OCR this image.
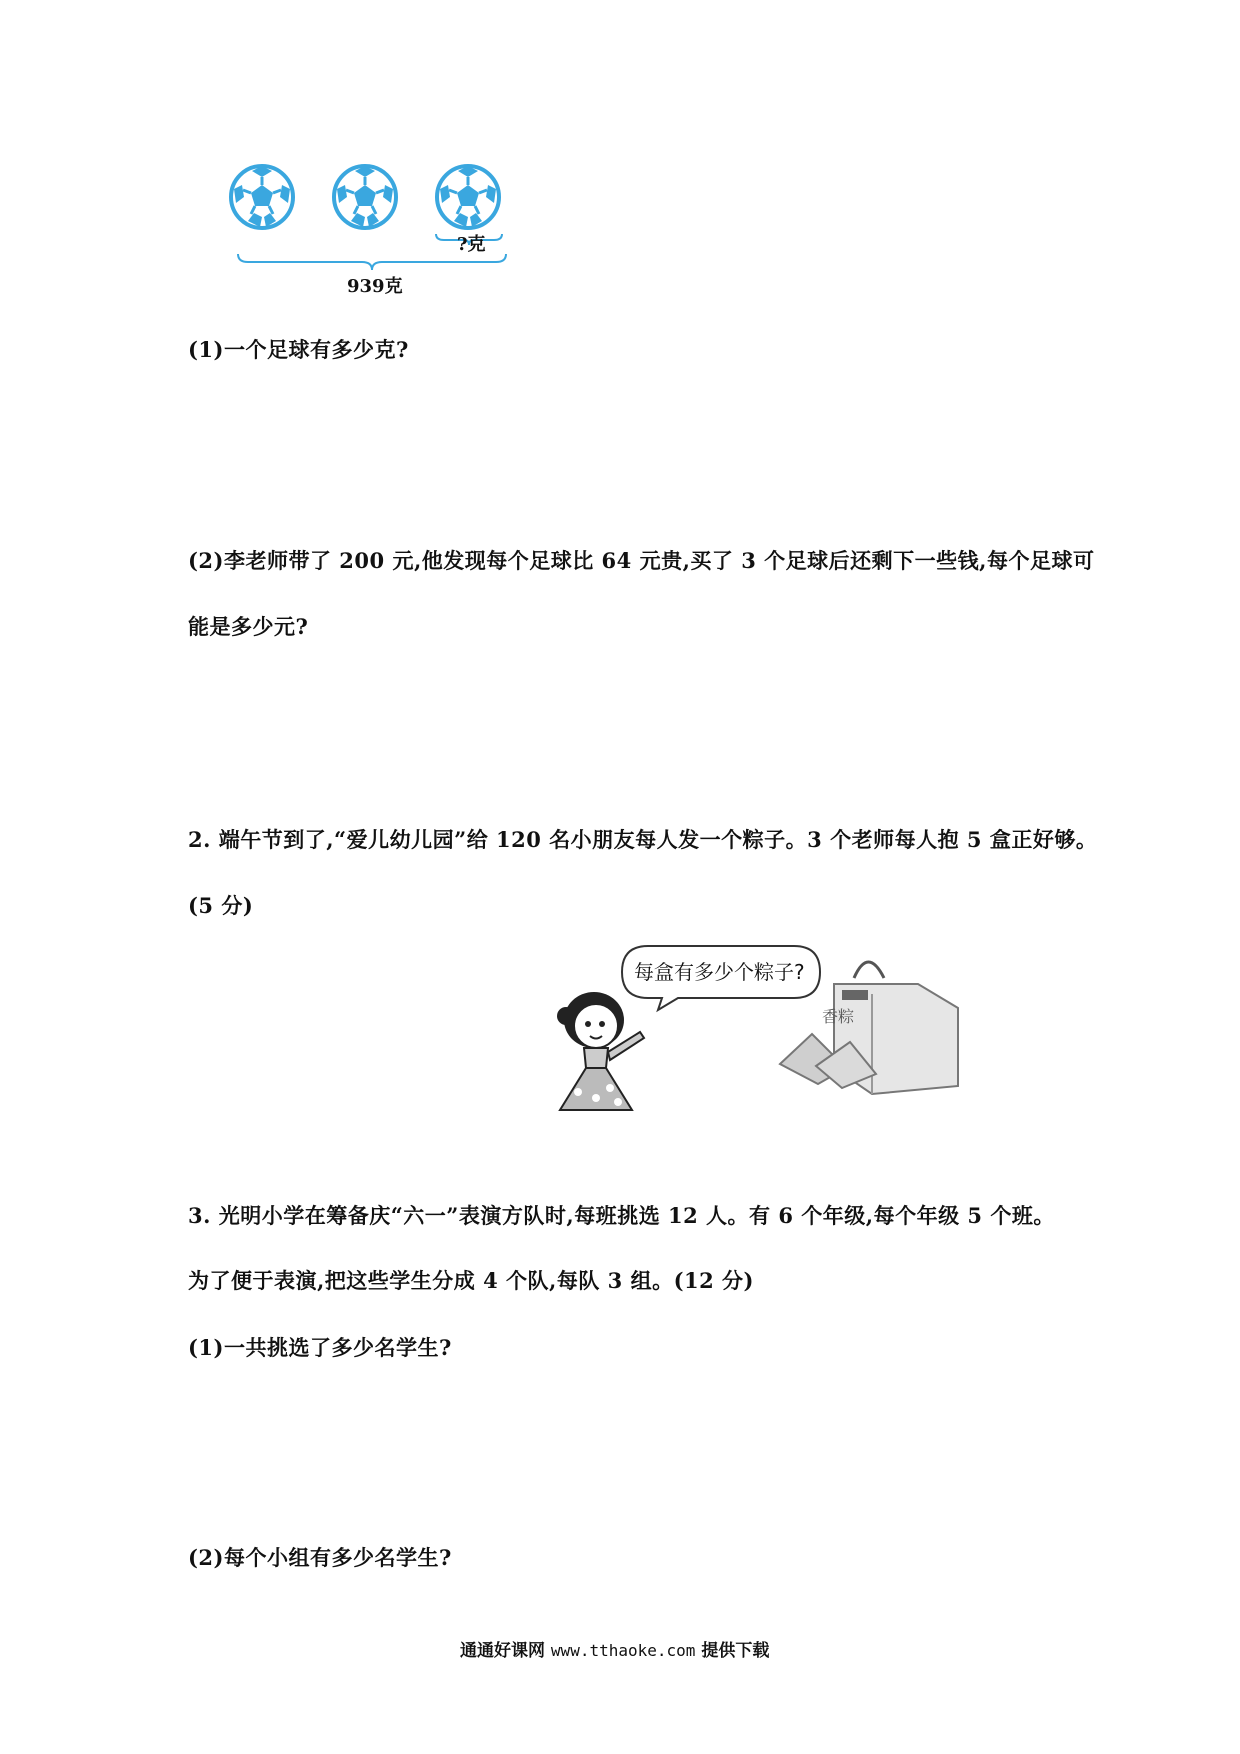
?克
939克
(1)一个足球有多少克?
(2)李老师带了 200 元,他发现每个足球比 64 元贵,买了 3 个足球后还剩下一些钱,每个足球可
能是多少元?
2. 端午节到了,“爱儿幼儿园”给 120 名小朋友每人发一个粽子。3 个老师每人抱 5 盒正好够。
(5 分)
每盒有多少个粽子?
香粽
3. 光明小学在筹备庆“六一”表演方队时,每班挑选 12 人。有 6 个年级,每个年级 5 个班。
为了便于表演,把这些学生分成 4 个队,每队 3 组。(12 分)
(1)一共挑选了多少名学生?
(2)每个小组有多少名学生?
通通好课网 www.tthaoke.com 提供下载
